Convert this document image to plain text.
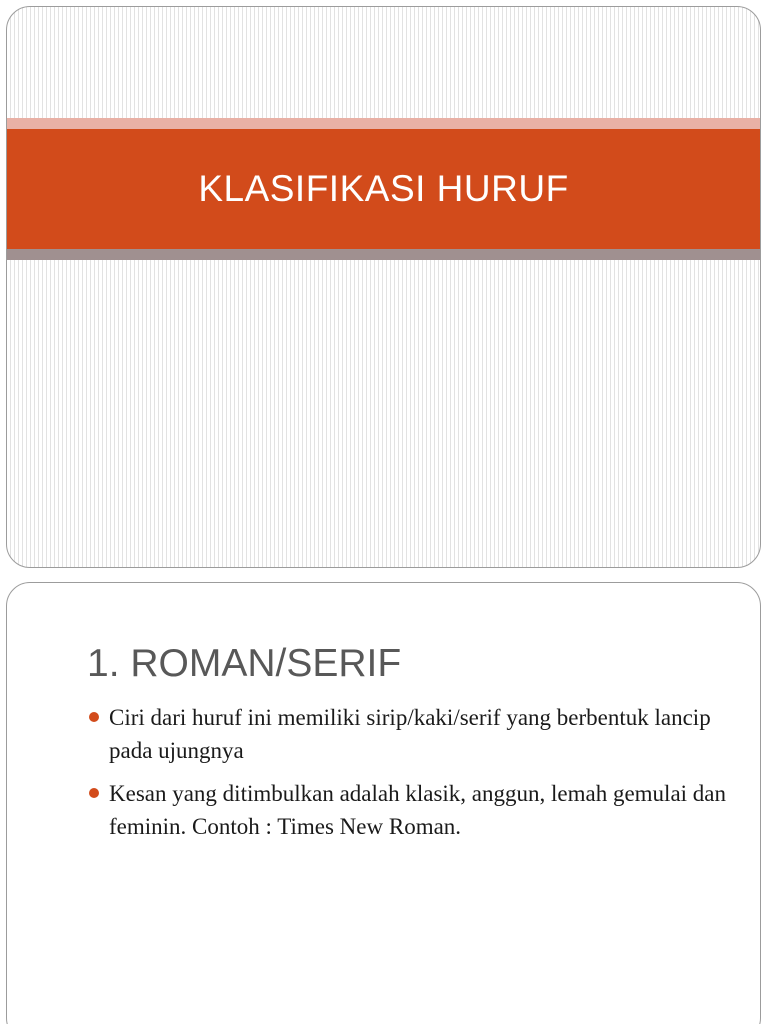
KLASIFIKASI HURUF
1. ROMAN/SERIF
Ciri dari huruf ini memiliki sirip/kaki/serif yang berbentuk lancip pada ujungnya
Kesan yang ditimbulkan adalah klasik, anggun, lemah gemulai dan feminin. Contoh : Times New Roman.
